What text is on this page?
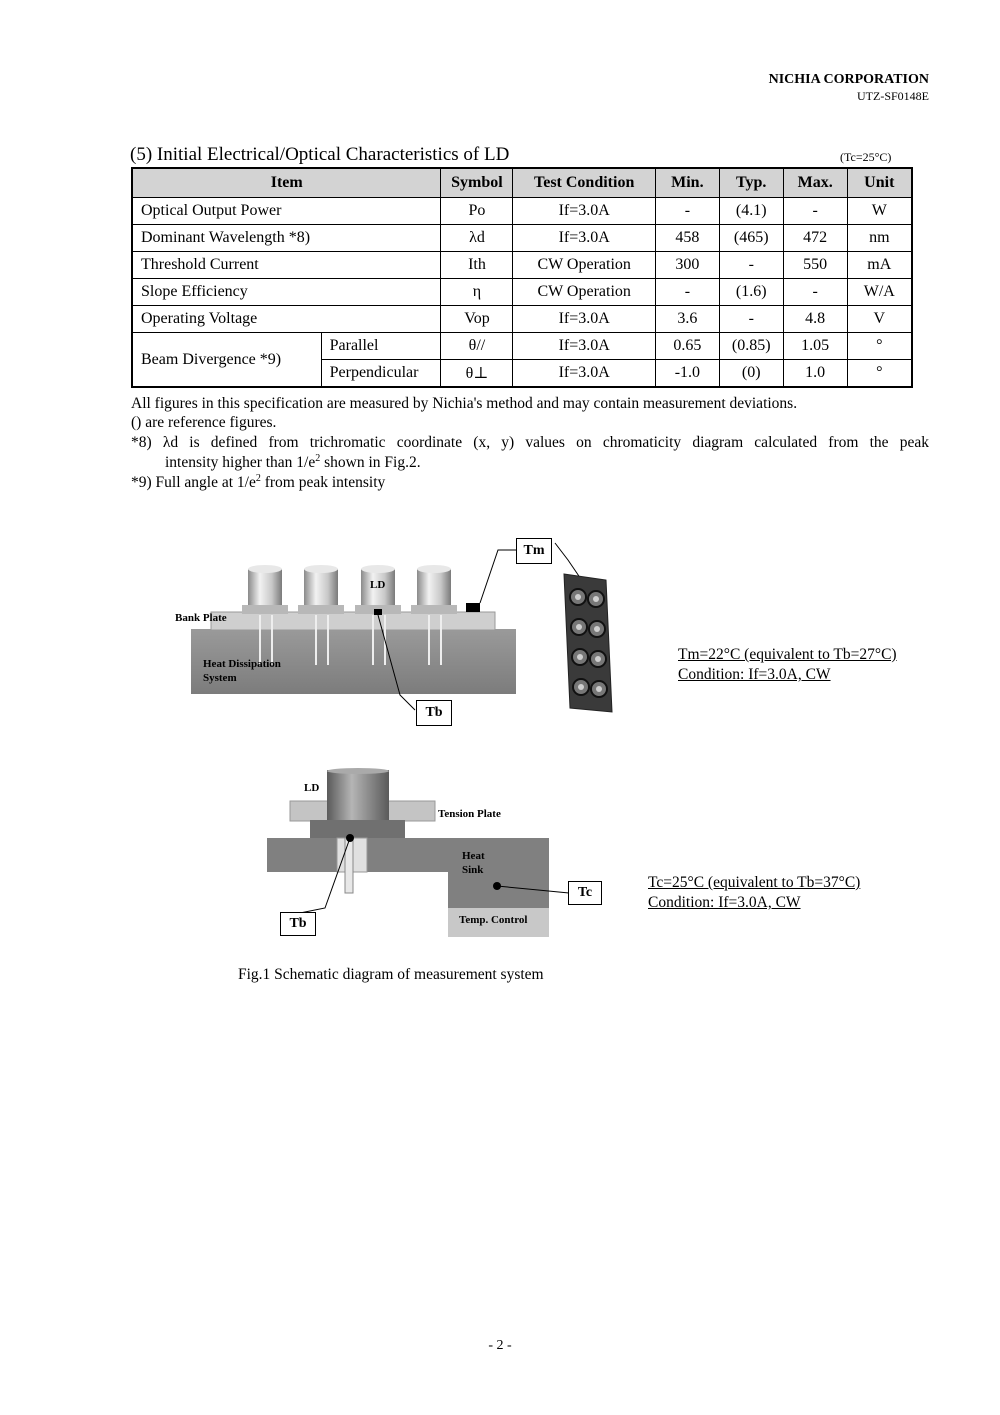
NICHIA CORPORATION
UTZ-SF0148E
(5) Initial Electrical/Optical Characteristics of LD	(Tc=25°C)
Item		Symbol	Test Condition	Min.	Typ.	Max.	Unit
Optical Output Power		Po	If=3.0A	-	(4.1)	-	W
Dominant Wavelength *8)		λd	If=3.0A	458	(465)	472	nm
Threshold Current		Ith	CW Operation	300	-	550	mA
Slope Efficiency		η	CW Operation	-	(1.6)	-	W/A
Operating Voltage		Vop	If=3.0A	3.6	-	4.8	V
Beam Divergence *9)	Parallel	θ//	If=3.0A	0.65	(0.85)	1.05	°
	Perpendicular	θ⊥	If=3.0A	-1.0	(0)	1.0	°
All figures in this specification are measured by Nichia's method and may contain measurement deviations.
() are reference figures.
*8) λd is defined from trichromatic coordinate (x, y) values on chromaticity diagram calculated from the peak
intensity higher than $1/e^2$ shown in Fig.2.
*9) Full angle at $1/e^2$ from peak intensity
LD
Bank Plate
Heat Dissipation
System
Tm
Tb
Tm=22°C (equivalent to Tb=27°C)
Condition: If=3.0A, CW
LD
Tension Plate
Heat
Sink
Temp. Control
Tc
Tb
Tc=25°C (equivalent to Tb=37°C)
Condition: If=3.0A, CW
Fig.1 Schematic diagram of measurement system
- 2 -
